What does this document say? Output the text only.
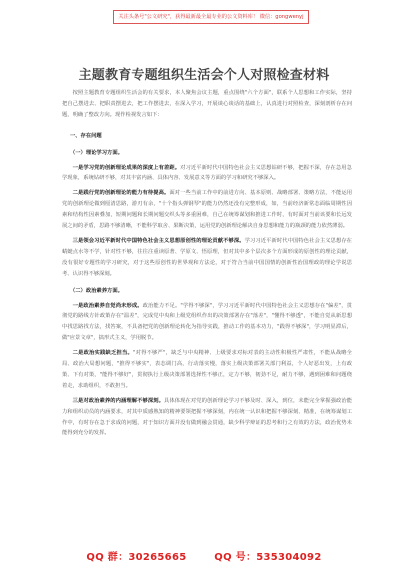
关注头条号"公文研究"，获得最新最全最专业的公文资料库！ 微信：gongwenyj
主题教育专题组织生活会个人对照检查材料

按照主题教育专题组织生活会的有关要求，本人聚焦会议主题，重点围绕"六个方面"，联系个人思想和工作实际，坚持把自己摆进去、把职责摆进去，把工作摆进去，在深入学习，开展谈心谈话的基础上，认真进行对照检查，深刻剖析存在问题，明确了整改方向。现作检视发言如下：

一、存在问题
（一）理论学习方面。

一是学习党的创新理论成果的深度上有差距。对习近平新时代中国特色社会主义思想钻研不够，把握不深，存在急用急学现象，系统钻研不够，对其丰富内涵、具体内容、发展意义等方面的学习和研究不够深入。

二是践行党的创新理论的能力有待提高。面对一些当前工作中的前进方向、基本原则、战略部署、策略方法，不能运用党的创新理论做到厘清思路，游刃有余，"十个指头弹钢琴"的能力仍然还没有完整形成，如，当前经济新常态面临周期性因素和结构性因素叠加，短期问题和长期问题交织头等多重困难，自己在统筹谋划和推进工作时，有时面对当前该要和长远发展之间的矛盾，思路不够清晰，不能科学取舍、果断决策，运用党的创新理论解决自身思想和能力的瓶颈的能力依然薄弱。

三是领会习近平新时代中国特色社会主义思想原创性的理论贡献不够深。学习习近平新时代中国特色社会主义思想存在蜻蜓点水等不学，针对性不够，往往注重读原著、学原文、悟原理，但对其中多个层次多个方面形成的原创性的理论贡献，没有很好专题性的学习研究，对于这些原创性的世界观和方法论，对于符合当前中国国情的创新性治国理政的理论学说思考、认识得不够深刻。

（二）政治素养方面。

一是政治素养自觉尚未形成。政治能力不足。"学得不够深"，学习习近平新时代中国特色社会主义思想存在"偏差"，贯彻党的路线方针政策存在"温差"，完成党中央和上级党组织作出的决策部署存在"落差"，"懂得不够透"，不能自觉从新思想中找思路找方法，找答案，不具备把党的创新理论转化为指导实践，推动工作的基本功力，"践得不够深"，学习明显滞后，做"应景文章"，搞形式主义，学用脱节。

二是政治实践缺乏担当。"对得不够严"，缺乏与中央精神、上级要求对标对表的主动性积极性严肃性，不能从战略全局、政治大局想问题，"推得不够实"，表态调门高，行动落实慢，落实上级决策部署关部门利益，个人好恶出发，上有政策、下有对策，"能得不够好"，贯彻执行上级决策部署选择性不够正，定力不够，韧劲不足，耐力不够，遇到困难和问题绕着走，求助组织，不敢担当。

三是对政治素养的内涵理解不够深刻。具体体现在对党的创新理论学习不够及时、深入，到位，未能完全掌握强政治能力和组织动员的内涵要求，对其中质感熟知的精神要领把握不够深刻，内在统一认识和把握不够深刻、精准，在统筹谋划工作中，有时存在急于求成的问题，对于知识方面并没有做到融会贯通，缺少科学辩证的思考和行之有效的方法，政治优势未能得到充分的发挥。

QQ 群：30265665	QQ 号：535304092
